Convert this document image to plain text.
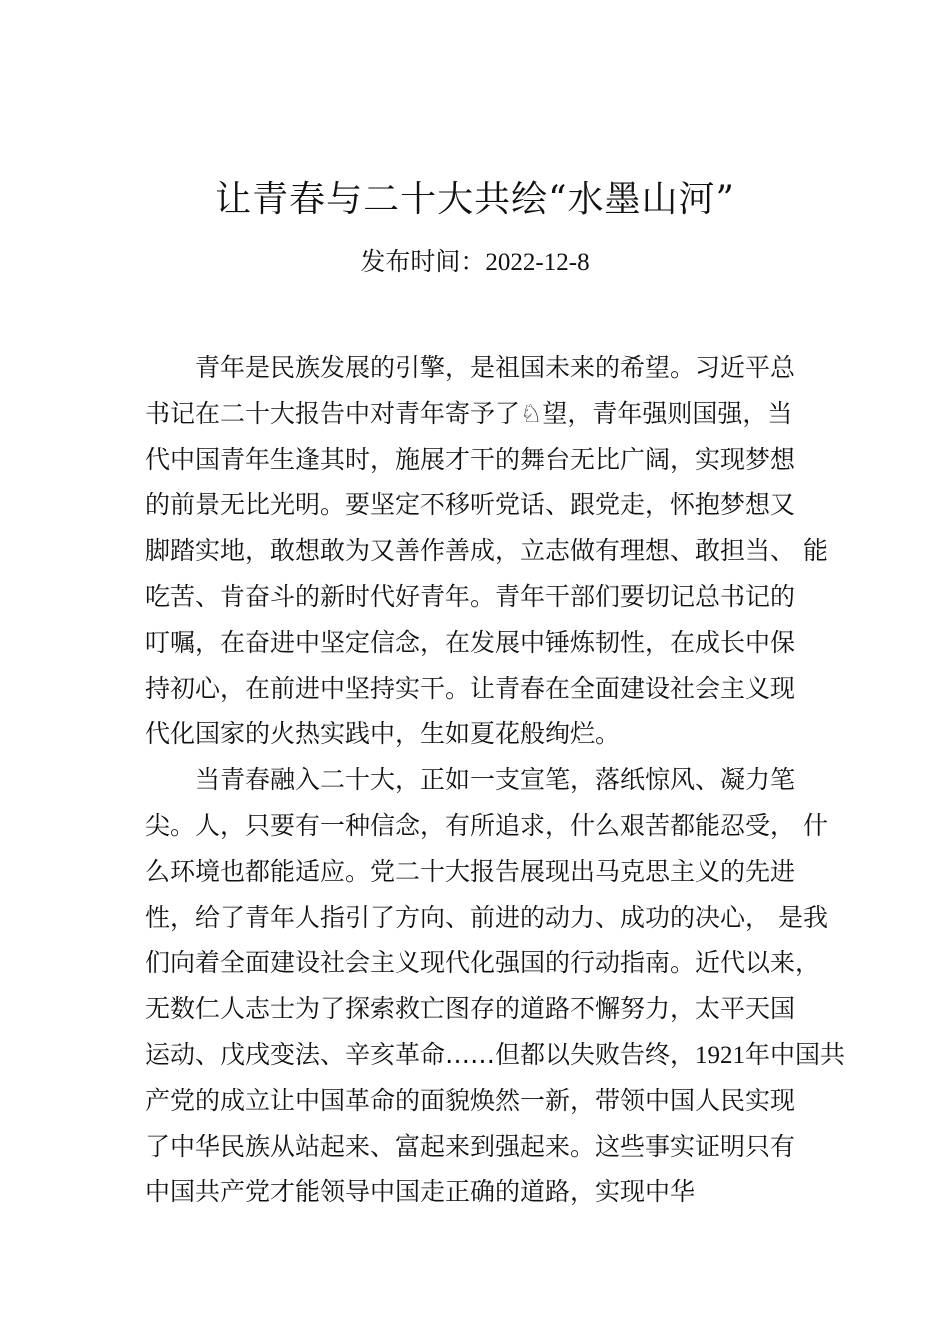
让青春与二十大共绘“水墨山河”
发布时间：2022-12-8
青年是民族发展的引擎，是祖国未来的希望。习近平总
书记在二十大报告中对青年寄予了♘望，青年强则国强，当
代中国青年生逢其时，施展才干的舞台无比广阔，实现梦想
的前景无比光明。要坚定不移听党话、跟党走，怀抱梦想又
脚踏实地，敢想敢为又善作善成，立志做有理想、敢担当、 能
吃苦、肯奋斗的新时代好青年。青年干部们要切记总书记的
叮嘱，在奋进中坚定信念，在发展中锤炼韧性，在成长中保
持初心，在前进中坚持实干。让青春在全面建设社会主义现
代化国家的火热实践中，生如夏花般绚烂。
当青春融入二十大，正如一支宣笔，落纸惊风、凝力笔
尖。人，只要有一种信念，有所追求，什么艰苦都能忍受， 什
么环境也都能适应。党二十大报告展现出马克思主义的先进
性，给了青年人指引了方向、前进的动力、成功的决心， 是我
们向着全面建设社会主义现代化强国的行动指南。近代以来，
无数仁人志士为了探索救亡图存的道路不懈努力，太平天国
运动、戊戌变法、辛亥革命……但都以失败告终，1921年中国共
产党的成立让中国革命的面貌焕然一新，带领中国人民实现
了中华民族从站起来、富起来到强起来。这些事实证明只有
中国共产党才能领导中国走正确的道路，实现中华
